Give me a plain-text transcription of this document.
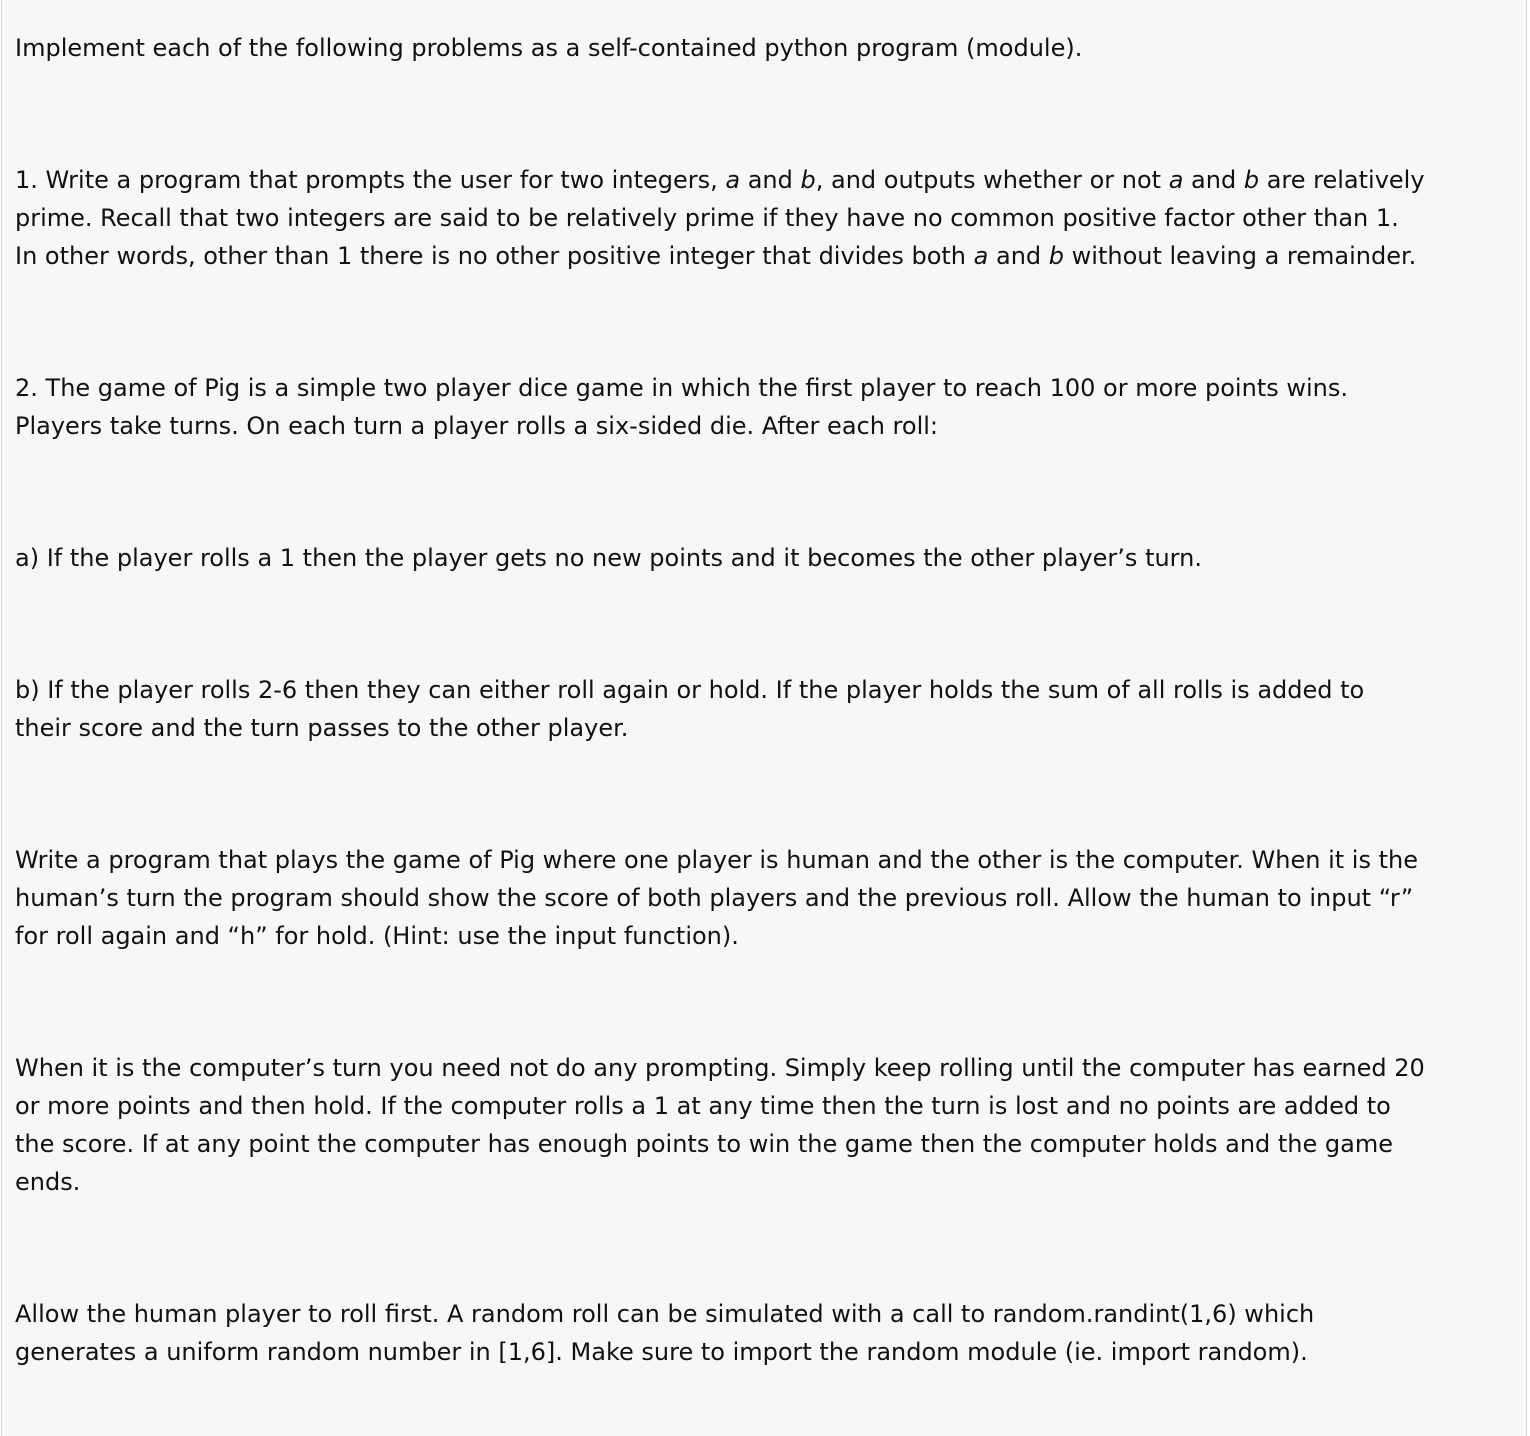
Implement each of the following problems as a self-contained python program (module).

1. Write a program that prompts the user for two integers, a and b, and outputs whether or not a and b are relatively
prime. Recall that two integers are said to be relatively prime if they have no common positive factor other than 1.
In other words, other than 1 there is no other positive integer that divides both a and b without leaving a remainder.

2. The game of Pig is a simple two player dice game in which the first player to reach 100 or more points wins.
Players take turns. On each turn a player rolls a six-sided die. After each roll:

a) If the player rolls a 1 then the player gets no new points and it becomes the other player’s turn.

b) If the player rolls 2-6 then they can either roll again or hold. If the player holds the sum of all rolls is added to
their score and the turn passes to the other player.

Write a program that plays the game of Pig where one player is human and the other is the computer. When it is the
human’s turn the program should show the score of both players and the previous roll. Allow the human to input “r”
for roll again and “h” for hold. (Hint: use the input function).

When it is the computer’s turn you need not do any prompting. Simply keep rolling until the computer has earned 20
or more points and then hold. If the computer rolls a 1 at any time then the turn is lost and no points are added to
the score. If at any point the computer has enough points to win the game then the computer holds and the game
ends.

Allow the human player to roll first. A random roll can be simulated with a call to random.randint(1,6) which
generates a uniform random number in [1,6]. Make sure to import the random module (ie. import random).
